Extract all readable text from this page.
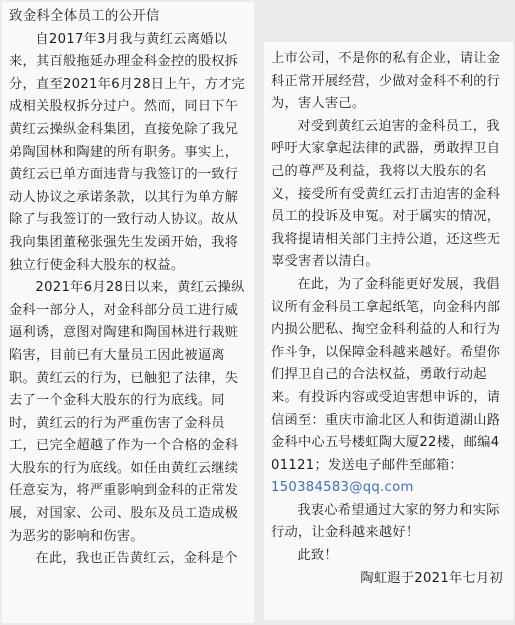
致金科全体员工的公开信
自2017年3月我与黄红云离婚以来，其百般拖延办理金科金控的股权拆分，直至2021年6月28日上午，方才完成相关股权拆分过户。然而，同日下午黄红云操纵金科集团，直接免除了我兄弟陶国林和陶建的所有职务。事实上，黄红云已单方面违背与我签订的一致行动人协议之承诺条款，以其行为单方解除了与我签订的一致行动人协议。故从我向集团董秘张强先生发函开始，我将独立行使金科大股东的权益。
2021年6月28日以来，黄红云操纵金科一部分人，对金科部分员工进行威逼利诱，意图对陶建和陶国林进行栽赃陷害，目前已有大量员工因此被逼离职。黄红云的行为，已触犯了法律，失去了一个金科大股东的行为底线。同时，黄红云的行为严重伤害了金科员工，已完全超越了作为一个合格的金科大股东的行为底线。如任由黄红云继续任意妄为，将严重影响到金科的正常发展，对国家、公司、股东及员工造成极为恶劣的影响和伤害。
在此，我也正告黄红云，金科是个
上市公司，不是你的私有企业，请让金科正常开展经营，少做对金科不利的行为，害人害己。
对受到黄红云迫害的金科员工，我呼吁大家拿起法律的武器，勇敢捍卫自己的尊严及利益，我将以大股东的名义，接受所有受黄红云打击迫害的金科员工的投诉及申冤。对于属实的情况，我将提请相关部门主持公道，还这些无辜受害者以清白。
在此，为了金科能更好发展，我倡议所有金科员工拿起纸笔，向金科内部内损公肥私、掏空金科利益的人和行为作斗争，以保障金科越来越好。希望你们捍卫自己的合法权益，勇敢行动起来。有投诉内容或受迫害想申诉的，请信函至：重庆市渝北区人和街道湖山路金科中心五号楼虹陶大厦22楼，邮编401121；发送电子邮件至邮箱：
150384583@qq.com
我衷心希望通过大家的努力和实际行动，让金科越来越好！
此致！
陶虹遐于2021年七月初
